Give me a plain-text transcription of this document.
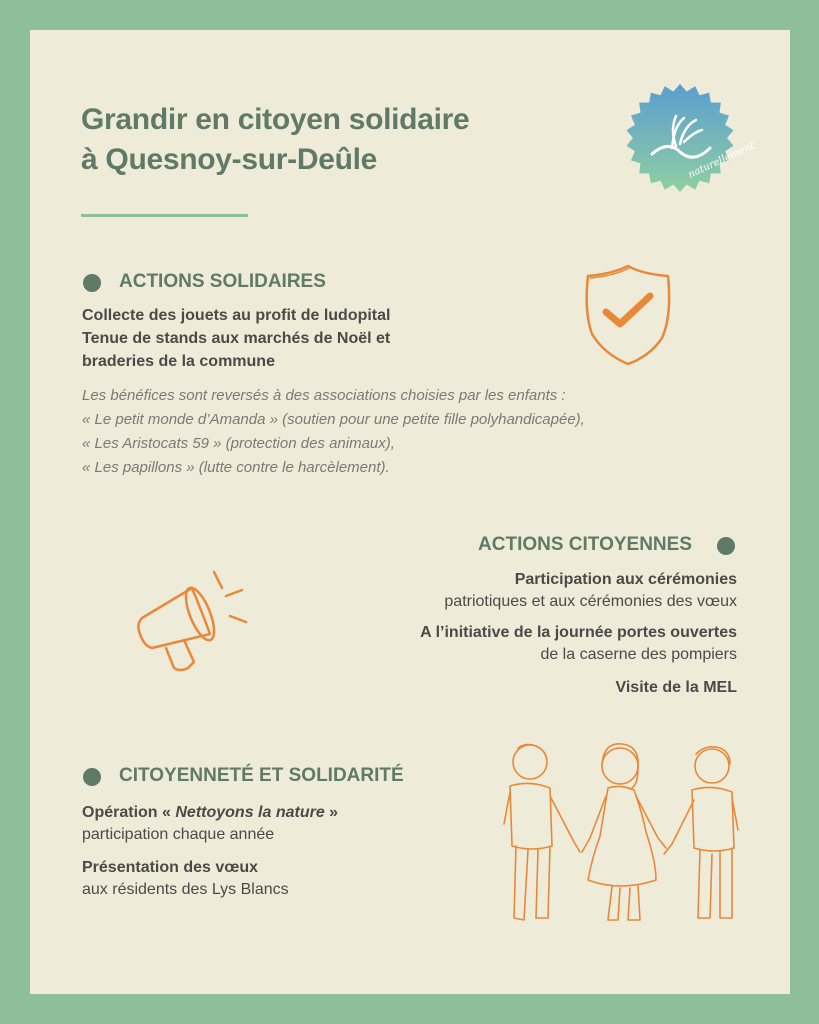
Grandir en citoyen solidaire
à Quesnoy-sur-Deûle	naturellement
ACTIONS SOLIDAIRES
Collecte des jouets au profit de ludopital
Tenue de stands aux marchés de Noël et
braderies de la commune
Les bénéfices sont reversés à des associations choisies par les enfants :
« Le petit monde d’Amanda » (soutien pour une petite fille polyhandicapée),
« Les Aristocats 59 » (protection des animaux),
« Les papillons » (lutte contre le harcèlement).
ACTIONS CITOYENNES
Participation aux cérémonies
patriotiques et aux cérémonies des vœux
A l’initiative de la journée portes ouvertes
de la caserne des pompiers
Visite de la MEL
CITOYENNETÉ ET SOLIDARITÉ
Opération « Nettoyons la nature »
participation chaque année
Présentation des vœux
aux résidents des Lys Blancs
